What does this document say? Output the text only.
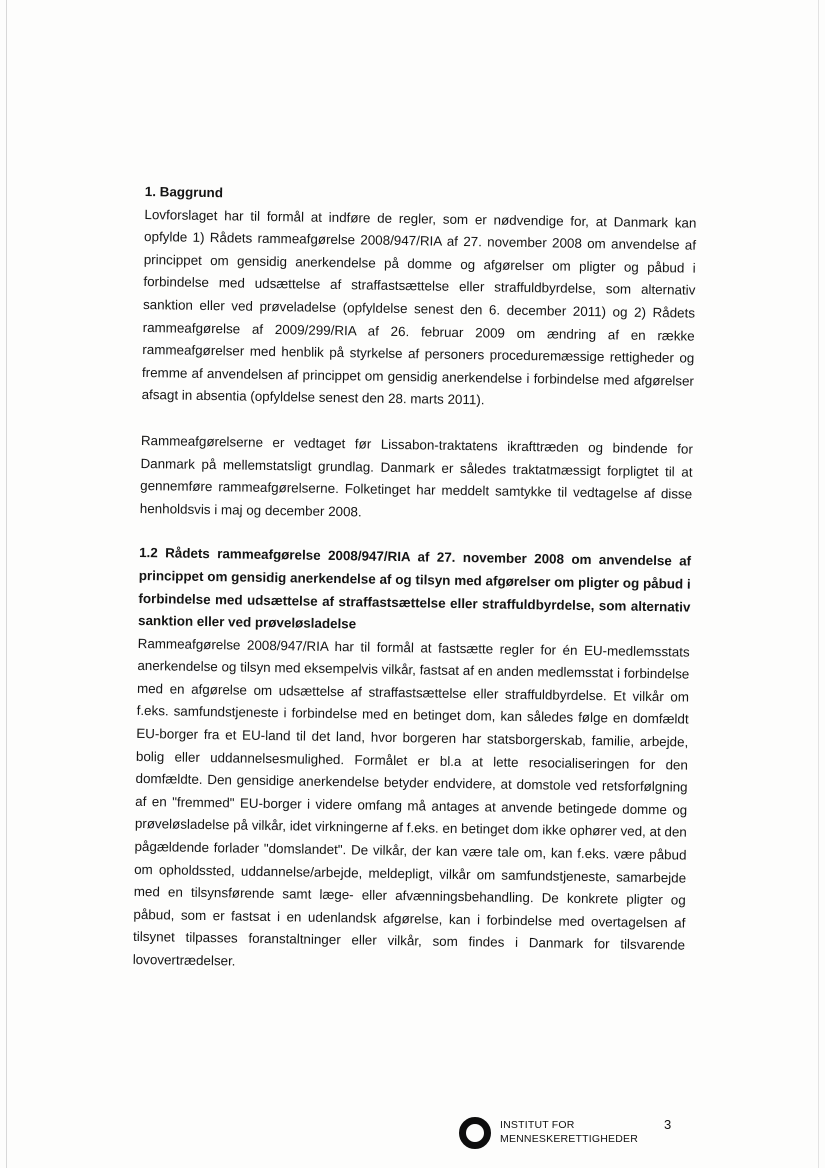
1. Baggrund

Lovforslaget har til formål at indføre de regler, som er nødvendige for, at Danmark kan opfylde 1) Rådets rammeafgørelse 2008/947/RIA af 27. november 2008 om anvendelse af princippet om gensidig anerkendelse på domme og afgørelser om pligter og påbud i forbindelse med udsættelse af straffastsættelse eller straffuldbyrdelse, som alternativ sanktion eller ved prøveladelse (opfyldelse senest den 6. december 2011) og 2) Rådets rammeafgørelse af 2009/299/RIA af 26. februar 2009 om ændring af en række rammeafgørelser med henblik på styrkelse af personers proceduremæssige rettigheder og fremme af anvendelsen af princippet om gensidig anerkendelse i forbindelse med afgørelser afsagt in absentia (opfyldelse senest den 28. marts 2011).

Rammeafgørelserne er vedtaget før Lissabon-traktatens ikrafttræden og bindende for Danmark på mellemstatsligt grundlag. Danmark er således traktatmæssigt forpligtet til at gennemføre rammeafgørelserne. Folketinget har meddelt samtykke til vedtagelse af disse henholdsvis i maj og december 2008.

1.2 Rådets rammeafgørelse 2008/947/RIA af 27. november 2008 om anvendelse af princippet om gensidig anerkendelse af og tilsyn med afgørelser om pligter og påbud i forbindelse med udsættelse af straffastsættelse eller straffuldbyrdelse, som alternativ sanktion eller ved prøveløsladelse

Rammeafgørelse 2008/947/RIA har til formål at fastsætte regler for én EU-medlemsstats anerkendelse og tilsyn med eksempelvis vilkår, fastsat af en anden medlemsstat i forbindelse med en afgørelse om udsættelse af straffastsættelse eller straffuldbyrdelse. Et vilkår om f.eks. samfundstjeneste i forbindelse med en betinget dom, kan således følge en domfældt EU-borger fra et EU-land til det land, hvor borgeren har statsborgerskab, familie, arbejde, bolig eller uddannelsesmulighed. Formålet er bl.a at lette resocialiseringen for den domfældte. Den gensidige anerkendelse betyder endvidere, at domstole ved retsforfølgning af en "fremmed" EU-borger i videre omfang må antages at anvende betingede domme og prøveløsladelse på vilkår, idet virkningerne af f.eks. en betinget dom ikke ophører ved, at den pågældende forlader "domslandet". De vilkår, der kan være tale om, kan f.eks. være påbud om opholdssted, uddannelse/arbejde, meldepligt, vilkår om samfundstjeneste, samarbejde med en tilsynsførende samt læge- eller afvænningsbehandling. De konkrete pligter og påbud, som er fastsat i en udenlandsk afgørelse, kan i forbindelse med overtagelsen af tilsynet tilpasses foranstaltninger eller vilkår, som findes i Danmark for tilsvarende lovovertrædelser.

INSTITUT FOR
MENNESKERETTIGHEDER
3
